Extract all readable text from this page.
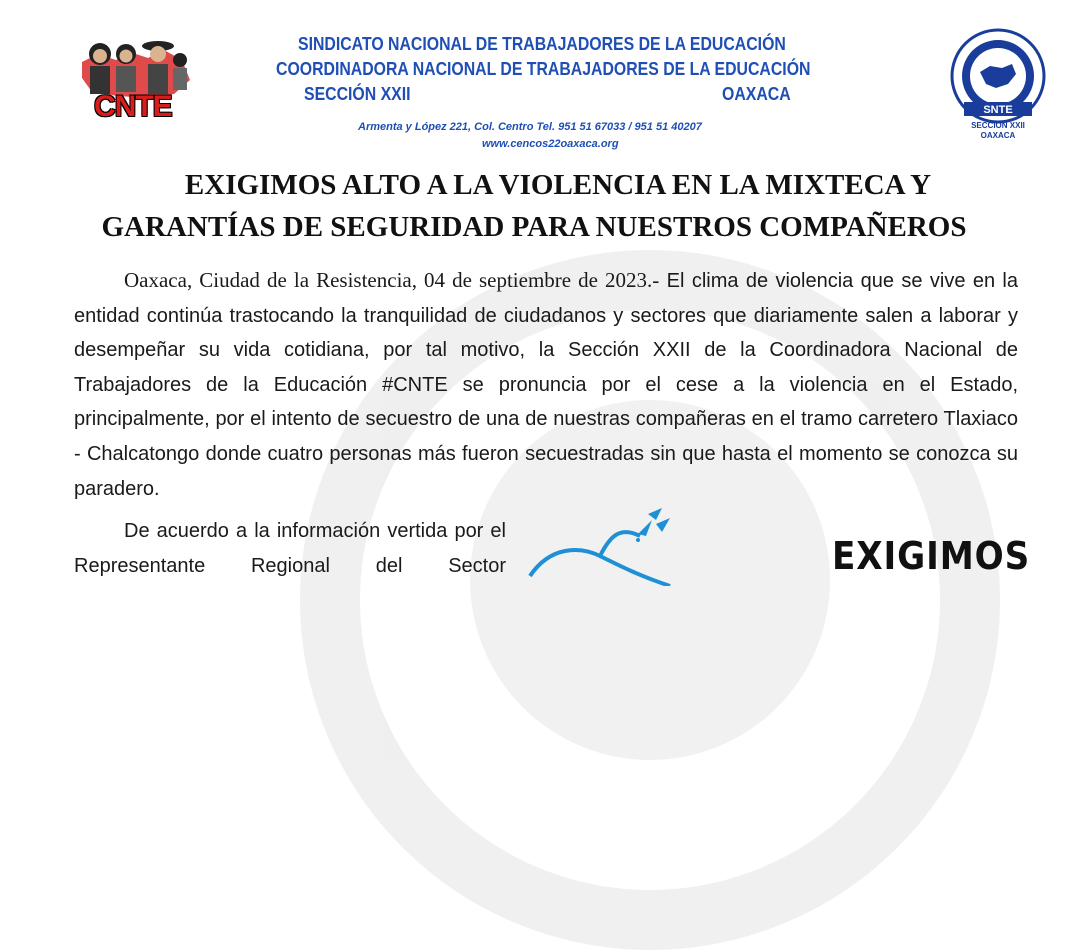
CNTE
SINDICATO NACIONAL DE TRABAJADORES DE LA EDUCACIÓN
COORDINADORA NACIONAL DE TRABAJADORES DE LA EDUCACIÓN
SECCIÓN XXII	OAXACA
Armenta y López 221, Col. Centro Tel. 951 51 67033 / 951 51 40207
www.cencos22oaxaca.org
SNTE
SECCION XXII
OAXACA
EXIGIMOS ALTO A LA VIOLENCIA EN LA MIXTECA Y
GARANTÍAS DE SEGURIDAD PARA NUESTROS COMPAÑEROS
Oaxaca, Ciudad de la Resistencia, 04 de septiembre de 2023.- El clima de violencia que se vive en la entidad continúa trastocando la tranquilidad de ciudadanos y sectores que diariamente salen a laborar y desempeñar su vida cotidiana, por tal motivo, la Sección XXII de la Coordinadora Nacional de Trabajadores de la Educación #CNTE se pronuncia por el cese a la violencia en el Estado, principalmente, por el intento de secuestro de una de nuestras compañeras en el tramo carretero Tlaxiaco - Chalcatongo donde cuatro personas más fueron secuestradas sin que hasta el momento se conozca su paradero.
De acuerdo a la información vertida por el Representante Regional del Sector	EXIGIMOS
